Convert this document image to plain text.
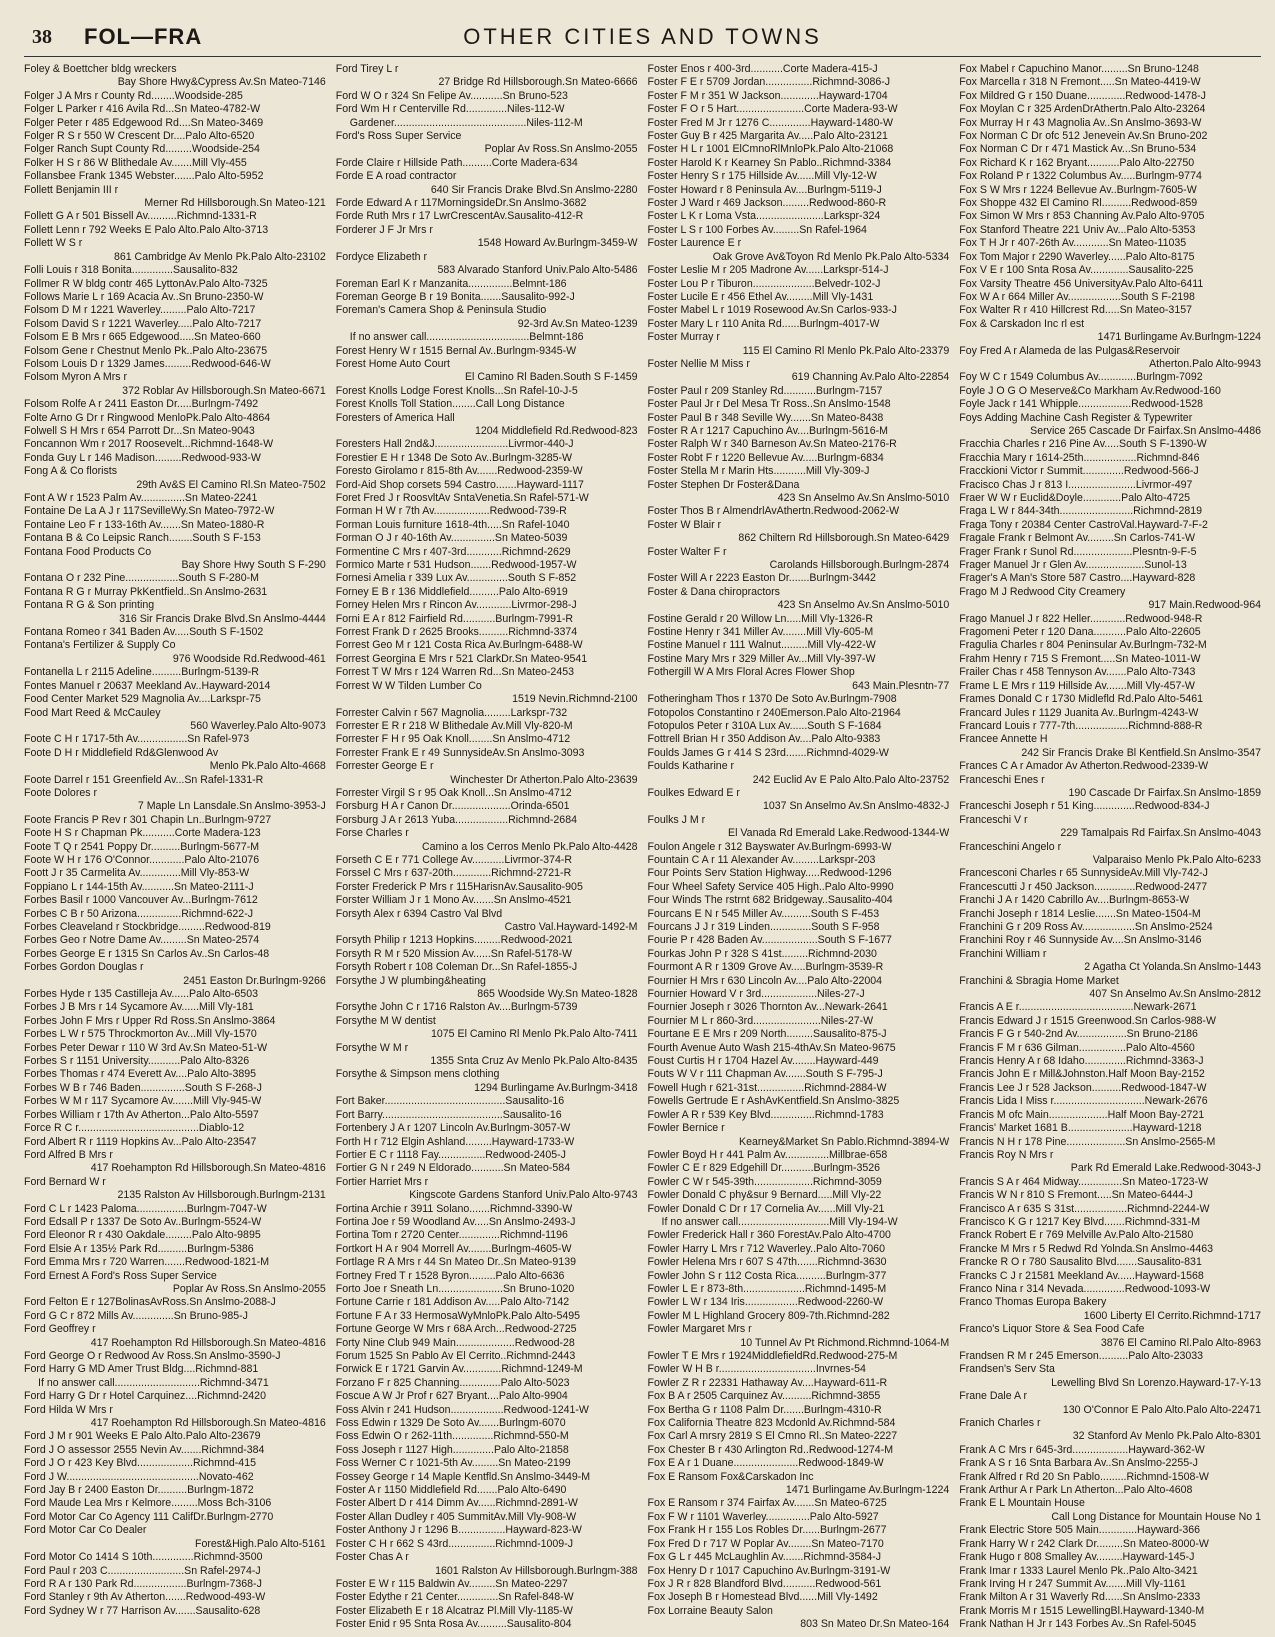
38 FOL—FRA	OTHER CITIES AND TOWNS
Foley & Boettcher bldg wreckers
Bay Shore Hwy&Cypress Av.Sn Mateo-7146
Folger J A Mrs r County Rd........Woodside-285
Folger L Parker r 416 Avila Rd...Sn Mateo-4782-W
Folger Peter r 485 Edgewood Rd....Sn Mateo-3469
Folger R S r 550 W Crescent Dr....Palo Alto-6520
Folger Ranch Supt County Rd.........Woodside-254
Folker H S r 86 W Blithedale Av.......Mill Vly-455
Follansbee Frank 1345 Webster.......Palo Alto-5952
Follett Benjamin III r
Merner Rd Hillsborough.Sn Mateo-121
Follett G A r 501 Bissell Av..........Richmnd-1331-R
Follett Lenn r 792 Weeks E Palo Alto.Palo Alto-3713
Follett W S r
861 Cambridge Av Menlo Pk.Palo Alto-23102
Folli Louis r 318 Bonita..............Sausalito-832
Follmer R W bldg contr 465 LyttonAv.Palo Alto-7325
Follows Marie L r 169 Acacia Av..Sn Bruno-2350-W
Folsom D M r 1221 Waverley.........Palo Alto-7217
Folsom David S r 1221 Waverley.....Palo Alto-7217
Folsom E B Mrs r 665 Edgewood.....Sn Mateo-660
Folsom Gene r Chestnut Menlo Pk..Palo Alto-23675
Folsom Louis D r 1329 James.........Redwood-646-W
Folsom Myron A Mrs r
372 Roblar Av Hillsborough.Sn Mateo-6671
Folsom Rolfe A r 2411 Easton Dr.....Burlngm-7492
Folte Arno G Dr r Ringwood MenloPk.Palo Alto-4864
Folwell S H Mrs r 654 Parrott Dr...Sn Mateo-9043
Foncannon Wm r 2017 Roosevelt...Richmnd-1648-W
Fonda Guy L r 146 Madison.........Redwood-933-W
Fong A & Co florists
29th Av&S El Camino Rl.Sn Mateo-7502
Font A W r 1523 Palm Av...............Sn Mateo-2241
Fontaine De La A J r 117SevilleWy.Sn Mateo-7972-W
Fontaine Leo F r 133-16th Av.......Sn Mateo-1880-R
Fontana B & Co Leipsic Ranch........South S F-153
Fontana Food Products Co
Bay Shore Hwy South S F-290
Fontana O r 232 Pine..................South S F-280-M
Fontana R G r Murray PkKentfield..Sn Anslmo-2631
Fontana R G & Son printing
316 Sir Francis Drake Blvd.Sn Anslmo-4444
Fontana Romeo r 341 Baden Av.....South S F-1502
Fontana's Fertilizer & Supply Co
976 Woodside Rd.Redwood-461
Fontanella L r 2115 Adeline..........Burlngm-5139-R
Fontes Manuel r 20637 Meekland Av..Hayward-2014
Food Center Market 529 Magnolia Av....Larkspr-75
Food Mart Reed & McCauley
560 Waverley.Palo Alto-9073
Foote C H r 1717-5th Av.................Sn Rafel-973
Foote D H r Middlefield Rd&Glenwood Av
Menlo Pk.Palo Alto-4668
Foote Darrel r 151 Greenfield Av...Sn Rafel-1331-R
Foote Dolores r
7 Maple Ln Lansdale.Sn Anslmo-3953-J
Foote Francis P Rev r 301 Chapin Ln..Burlngm-9727
Foote H S r Chapman Pk...........Corte Madera-123
Foote T Q r 2541 Poppy Dr..........Burlngm-5677-M
Foote W H r 176 O'Connor............Palo Alto-21076
Foott J r 35 Carmelita Av..............Mill Vly-853-W
Foppiano L r 144-15th Av...........Sn Mateo-2111-J
Forbes Basil r 1000 Vancouver Av...Burlngm-7612
Forbes C B r 50 Arizona...............Richmnd-622-J
Forbes Cleaveland r Stockbridge.........Redwood-819
Forbes Geo r Notre Dame Av.........Sn Mateo-2574
Forbes George E r 1315 Sn Carlos Av..Sn Carlos-48
Forbes Gordon Douglas r
2451 Easton Dr.Burlngm-9266
Forbes Hyde r 135 Castilleja Av......Palo Alto-6503
Forbes J B Mrs r 14 Sycamore Av......Mill Vly-181
Forbes John F Mrs r Upper Rd Ross.Sn Anslmo-3864
Forbes L W r 575 Throckmorton Av...Mill Vly-1570
Forbes Peter Dewar r 110 W 3rd Av.Sn Mateo-51-W
Forbes S r 1151 University...........Palo Alto-8326
Forbes Thomas r 474 Everett Av....Palo Alto-3895
Forbes W B r 746 Baden...............South S F-268-J
Forbes W M r 117 Sycamore Av.......Mill Vly-945-W
Forbes William r 17th Av Atherton...Palo Alto-5597
Force R C r.........................................Diablo-12
Ford Albert R r 1119 Hopkins Av...Palo Alto-23547
Ford Alfred B Mrs r
417 Roehampton Rd Hillsborough.Sn Mateo-4816
Ford Bernard W r
2135 Ralston Av Hillsborough.Burlngm-2131
Ford C L r 1423 Paloma.................Burlngm-7047-W
Ford Edsall P r 1337 De Soto Av..Burlngm-5524-W
Ford Eleonor R r 430 Oakdale.........Palo Alto-9895
Ford Elsie A r 135½ Park Rd..........Burlngm-5386
Ford Emma Mrs r 720 Warren.......Redwood-1821-M
Ford Ernest A Ford's Ross Super Service
Poplar Av Ross.Sn Anslmo-2055
Ford Felton E r 127BolinasAvRoss.Sn Anslmo-2088-J
Ford G C r 872 Mills Av..............Sn Bruno-985-J
Ford Geoffrey r
417 Roehampton Rd Hillsborough.Sn Mateo-4816
Ford George O r Redwood Av Ross.Sn Anslmo-3590-J
Ford Harry G MD Amer Trust Bldg....Richmnd-881
If no answer call.............................Richmnd-3471
Ford Harry G Dr r Hotel Carquinez....Richmnd-2420
Ford Hilda W Mrs r
417 Roehampton Rd Hillsborough.Sn Mateo-4816
Ford J M r 901 Weeks E Palo Alto.Palo Alto-23679
Ford J O assessor 2555 Nevin Av.......Richmnd-384
Ford J O r 423 Key Blvd...................Richmnd-415
Ford J W.............................................Novato-462
Ford Jay B r 2400 Easton Dr..........Burlngm-1872
Ford Maude Lea Mrs r Kelmore.........Moss Bch-3106
Ford Motor Car Co Agency 111 CalifDr.Burlngm-2770
Ford Motor Car Co Dealer
Forest&High.Palo Alto-5161
Ford Motor Co 1414 S 10th..............Richmnd-3500
Ford Paul r 203 C..........................Sn Rafel-2974-J
Ford R A r 130 Park Rd..................Burlngm-7368-J
Ford Stanley r 9th Av Atherton.......Redwood-493-W
Ford Sydney W r 77 Harrison Av.......Sausalito-628
Ford Tirey L r
27 Bridge Rd Hillsborough.Sn Mateo-6666
Ford W O r 324 Sn Felipe Av...........Sn Bruno-523
Ford Wm H r Centerville Rd..............Niles-112-W
Gardener.............................................Niles-112-M
Ford's Ross Super Service
Poplar Av Ross.Sn Anslmo-2055
Forde Claire r Hillside Path..........Corte Madera-634
Forde E A road contractor
640 Sir Francis Drake Blvd.Sn Anslmo-2280
Forde Edward A r 117MorningsideDr.Sn Anslmo-3682
Forde Ruth Mrs r 17 LwrCrescentAv.Sausalito-412-R
Forderer J F Jr Mrs r
1548 Howard Av.Burlngm-3459-W
Fordyce Elizabeth r
583 Alvarado Stanford Univ.Palo Alto-5486
Foreman Earl K r Manzanita...............Belmnt-186
Foreman George B r 19 Bonita.......Sausalito-992-J
Foreman's Camera Shop & Peninsula Studio
92-3rd Av.Sn Mateo-1239
If no answer call...................................Belmnt-186
Forest Henry W r 1515 Bernal Av..Burlngm-9345-W
Forest Home Auto Court
El Camino Rl Baden.South S F-1459
Forest Knolls Lodge Forest Knolls...Sn Rafel-10-J-5
Forest Knolls Toll Station........Call Long Distance
Foresters of America Hall
1204 Middlefield Rd.Redwood-823
Foresters Hall 2nd&J.........................Livrmor-440-J
Forestier E H r 1348 De Soto Av..Burlngm-3285-W
Foresto Girolamo r 815-8th Av.......Redwood-2359-W
Ford-Aid Shop corsets 594 Castro.......Hayward-1117
Foret Fred J r RoosvltAv SntaVenetia.Sn Rafel-571-W
Forman H W r 7th Av...................Redwood-739-R
Forman Louis furniture 1618-4th.....Sn Rafel-1040
Forman O J r 40-16th Av...............Sn Mateo-5039
Formentine C Mrs r 407-3rd............Richmnd-2629
Formico Marte r 531 Hudson.......Redwood-1957-W
Fornesi Amelia r 339 Lux Av..............South S F-852
Forney E B r 136 Middlefield..........Palo Alto-6919
Forney Helen Mrs r Rincon Av............Livrmor-298-J
Forni E A r 812 Fairfield Rd...........Burlngm-7991-R
Forrest Frank D r 2625 Brooks..........Richmnd-3374
Forrest Geo M r 121 Costa Rica Av.Burlngm-6488-W
Forrest Georgina E Mrs r 521 ClarkDr.Sn Mateo-9541
Forrest T W Mrs r 124 Warren Rd...Sn Mateo-2453
Forrest W W Tilden Lumber Co
1519 Nevin.Richmnd-2100
Forrester Calvin r 567 Magnolia.........Larkspr-732
Forrester E R r 218 W Blithedale Av.Mill Vly-820-M
Forrester F H r 95 Oak Knoll........Sn Anslmo-4712
Forrester Frank E r 49 SunnysideAv.Sn Anslmo-3093
Forrester George E r
Winchester Dr Atherton.Palo Alto-23639
Forrester Virgil S r 95 Oak Knoll...Sn Anslmo-4712
Forsburg H A r Canon Dr....................Orinda-6501
Forsburg J A r 2613 Yuba..................Richmnd-2684
Forse Charles r
Camino a los Cerros Menlo Pk.Palo Alto-4428
Forseth C E r 771 College Av...........Livrmor-374-R
Forssel C Mrs r 637-20th.............Richmnd-2721-R
Forster Frederick P Mrs r 115HarisnAv.Sausalito-905
Forster William J r 1 Mono Av.......Sn Anslmo-4521
Forsyth Alex r 6394 Castro Val Blvd
Castro Val.Hayward-1492-M
Forsyth Philip r 1213 Hopkins.........Redwood-2021
Forsyth R M r 520 Mission Av......Sn Rafel-5178-W
Forsyth Robert r 108 Coleman Dr...Sn Rafel-1855-J
Forsythe J W plumbing&heating
865 Woodside Wy.Sn Mateo-1828
Forsythe John C r 1716 Ralston Av....Burlngm-5739
Forsythe M W dentist
1075 El Camino Rl Menlo Pk.Palo Alto-7411
Forsythe W M r
1355 Snta Cruz Av Menlo Pk.Palo Alto-8435
Forsythe & Simpson mens clothing
1294 Burlingame Av.Burlngm-3418
Fort Baker.........................................Sausalito-16
Fort Barry.........................................Sausalito-16
Fortenbery J A r 1207 Lincoln Av.Burlngm-3057-W
Forth H r 712 Elgin Ashland.........Hayward-1733-W
Fortier E C r 1118 Fay................Redwood-2405-J
Fortier G N r 249 N Eldorado...........Sn Mateo-584
Fortier Harriet Mrs r
Kingscote Gardens Stanford Univ.Palo Alto-9743
Fortina Archie r 3911 Solano.......Richmnd-3390-W
Fortina Joe r 59 Woodland Av.....Sn Anslmo-2493-J
Fortina Tom r 2720 Center..............Richmnd-1196
Fortkort H A r 904 Morrell Av........Burlngm-4605-W
Fortlage R A Mrs r 44 Sn Mateo Dr..Sn Mateo-9139
Fortney Fred T r 1528 Byron.........Palo Alto-6636
Forto Joe r Sneath Ln......................Sn Bruno-1020
Fortune Carrie r 181 Addison Av.....Palo Alto-7142
Fortune F A r 33 HermosaWyMnloPk.Palo Alto-5495
Fortune George W Mrs r 68A Arch...Redwood-2725
Forty Nine Club 949 Main....................Redwood-28
Forum 1525 Sn Pablo Av El Cerrito..Richmnd-2443
Forwick E r 1721 Garvin Av.............Richmnd-1249-M
Forzano F r 825 Channing..............Palo Alto-5023
Foscue A W Jr Prof r 627 Bryant....Palo Alto-9904
Foss Alvin r 241 Hudson..................Redwood-1241-W
Foss Edwin r 1329 De Soto Av.......Burlngm-6070
Foss Edwin O r 262-11th..............Richmnd-550-M
Foss Joseph r 1127 High..............Palo Alto-21858
Foss Werner C r 1021-5th Av.........Sn Mateo-2199
Fossey George r 14 Maple Kentfld.Sn Anslmo-3449-M
Foster A r 1150 Middlefield Rd.......Palo Alto-6490
Foster Albert D r 414 Dimm Av......Richmnd-2891-W
Foster Allan Dudley r 405 SummitAv.Mill Vly-908-W
Foster Anthony J r 1296 B................Hayward-823-W
Foster C H r 662 S 43rd................Richmnd-1009-J
Foster Chas A r
1601 Ralston Av Hillsborough.Burlngm-388
Foster E W r 115 Baldwin Av.........Sn Mateo-2297
Foster Edythe r 21 Center..............Sn Rafel-848-W
Foster Elizabeth E r 18 Alcatraz Pl.Mill Vly-1185-W
Foster Enid r 95 Snta Rosa Av..........Sausalito-804
Foster Enos r 400-3rd...........Corte Madera-415-J
Foster F E r 5709 Jordan................Richmnd-3086-J
Foster F M r 351 W Jackson.............Hayward-1704
Foster F O r 5 Hart.......................Corte Madera-93-W
Foster Fred M Jr r 1276 C..............Hayward-1480-W
Foster Guy B r 425 Margarita Av.....Palo Alto-23121
Foster H L r 1001 ElCmnoRlMnloPk.Palo Alto-21068
Foster Harold K r Kearney Sn Pablo..Richmnd-3384
Foster Henry S r 175 Hillside Av......Mill Vly-12-W
Foster Howard r 8 Peninsula Av....Burlngm-5119-J
Foster J Ward r 469 Jackson.........Redwood-860-R
Foster L K r Loma Vsta.......................Larkspr-324
Foster L S r 100 Forbes Av.........Sn Rafel-1964
Foster Laurence E r
Oak Grove Av&Toyon Rd Menlo Pk.Palo Alto-5334
Foster Leslie M r 205 Madrone Av......Larkspr-514-J
Foster Lou P r Tiburon.....................Belvedr-102-J
Foster Lucile E r 456 Ethel Av.........Mill Vly-1431
Foster Mabel L r 1019 Rosewood Av.Sn Carlos-933-J
Foster Mary L r 110 Anita Rd......Burlngm-4017-W
Foster Murray r
115 El Camino Rl Menlo Pk.Palo Alto-23379
Foster Nellie M Miss r
619 Channing Av.Palo Alto-22854
Foster Paul r 209 Stanley Rd...........Burlngm-7157
Foster Paul Jr r Del Mesa Tr Ross..Sn Anslmo-1548
Foster Paul B r 348 Seville Wy.......Sn Mateo-8438
Foster R A r 1217 Capuchino Av....Burlngm-5616-M
Foster Ralph W r 340 Barneson Av.Sn Mateo-2176-R
Foster Robt F r 1220 Bellevue Av.....Burlngm-6834
Foster Stella M r Marin Hts...........Mill Vly-309-J
Foster Stephen Dr Foster&Dana
423 Sn Anselmo Av.Sn Anslmo-5010
Foster Thos B r AlmendrlAvAthertn.Redwood-2062-W
Foster W Blair r
862 Chiltern Rd Hillsborough.Sn Mateo-6429
Foster Walter F r
Carolands Hillsborough.Burlngm-2874
Foster Will A r 2223 Easton Dr.......Burlngm-3442
Foster & Dana chiropractors
423 Sn Anselmo Av.Sn Anslmo-5010
Fostine Gerald r 20 Willow Ln.....Mill Vly-1326-R
Fostine Henry r 341 Miller Av........Mill Vly-605-M
Fostine Manuel r 111 Walnut.........Mill Vly-422-W
Fostine Mary Mrs r 329 Miller Av...Mill Vly-397-W
Fothergill W A Mrs Floral Acres Flower Shop
643 Main.Plesntn-77
Fotheringham Thos r 1370 De Soto Av.Burlngm-7908
Fotopolos Constantino r 240Emerson.Palo Alto-21964
Fotopulos Peter r 310A Lux Av......South S F-1684
Fottrell Brian H r 350 Addison Av....Palo Alto-9383
Foulds James G r 414 S 23rd.......Richmnd-4029-W
Foulds Katharine r
242 Euclid Av E Palo Alto.Palo Alto-23752
Foulkes Edward E r
1037 Sn Anselmo Av.Sn Anslmo-4832-J
Foulks J M r
El Vanada Rd Emerald Lake.Redwood-1344-W
Foulon Angele r 312 Bayswater Av.Burlngm-6993-W
Fountain C A r 11 Alexander Av.........Larkspr-203
Four Points Serv Station Highway.....Redwood-1296
Four Wheel Safety Service 405 High..Palo Alto-9990
Four Winds The rstrnt 682 Bridgeway..Sausalito-404
Fourcans E N r 545 Miller Av..........South S F-453
Fourcans J J r 319 Linden..............South S F-958
Fourie P r 428 Baden Av...................South S F-1677
Fourkas John P r 328 S 41st.........Richmnd-2030
Fourmont A R r 1309 Grove Av.....Burlngm-3539-R
Fournier H Mrs r 630 Lincoln Av....Palo Alto-22004
Fournier Howard V r 3rd...................Niles-27-J
Fournier Joseph r 3026 Thornton Av...Newark-2641
Fournier M L r 860-3rd.......................Niles-27-W
Fourtane E E Mrs r 209 North.........Sausalito-875-J
Fourth Avenue Auto Wash 215-4thAv.Sn Mateo-9675
Foust Curtis H r 1704 Hazel Av........Hayward-449
Fouts W V r 111 Chapman Av.......South S F-795-J
Fowell Hugh r 621-31st................Richmnd-2884-W
Fowells Gertrude E r AshAvKentfield.Sn Anslmo-3825
Fowler A R r 539 Key Blvd...............Richmnd-1783
Fowler Bernice r
Kearney&Market Sn Pablo.Richmnd-3894-W
Fowler Boyd H r 441 Palm Av...............Millbrae-658
Fowler C E r 829 Edgehill Dr...........Burlngm-3526
Fowler C W r 545-39th....................Richmnd-3059
Fowler Donald C phy&sur 9 Bernard.....Mill Vly-22
Fowler Donald C Dr r 17 Cornelia Av......Mill Vly-21
If no answer call...............................Mill Vly-194-W
Fowler Frederick Hall r 360 ForestAv.Palo Alto-4700
Fowler Harry L Mrs r 712 Waverley..Palo Alto-7060
Fowler Helena Mrs r 607 S 47th.......Richmnd-3630
Fowler John S r 112 Costa Rica..........Burlngm-377
Fowler L E r 873-8th.....................Richmnd-1495-M
Fowler L W r 134 Iris..................Redwood-2260-W
Fowler M L Highland Grocery 809-7th.Richmnd-282
Fowler Margaret Mrs r
10 Tunnel Av Pt Richmond.Richmnd-1064-M
Fowler T E Mrs r 1924MiddlefieldRd.Redwood-275-M
Fowler W H B r.................................Invrnes-54
Fowler Z R r 22331 Hathaway Av....Hayward-611-R
Fox B A r 2505 Carquinez Av..........Richmnd-3855
Fox Bertha G r 1108 Palm Dr.......Burlngm-4310-R
Fox California Theatre 823 Mcdonld Av.Richmnd-584
Fox Carl A mrsry 2819 S El Cmno Rl..Sn Mateo-2227
Fox Chester B r 430 Arlington Rd..Redwood-1274-M
Fox E A r 1 Duane......................Redwood-1849-W
Fox E Ransom Fox&Carskadon Inc
1471 Burlingame Av.Burlngm-1224
Fox E Ransom r 374 Fairfax Av.......Sn Mateo-6725
Fox F W r 1101 Waverley...............Palo Alto-5927
Fox Frank H r 155 Los Robles Dr......Burlngm-2677
Fox Fred D r 717 W Poplar Av........Sn Mateo-7170
Fox G L r 445 McLaughlin Av.......Richmnd-3584-J
Fox Henry D r 1017 Capuchino Av.Burlngm-3191-W
Fox J R r 828 Blandford Blvd...........Redwood-561
Fox Joseph B r Homestead Blvd......Mill Vly-1492
Fox Lorraine Beauty Salon
803 Sn Mateo Dr.Sn Mateo-164
Fox Mabel r Capuchino Manor.........Sn Bruno-1248
Fox Marcella r 318 N Fremont.....Sn Mateo-4419-W
Fox Mildred G r 150 Duane.............Redwood-1478-J
Fox Moylan C r 325 ArdenDrAthertn.Palo Alto-23264
Fox Murray H r 43 Magnolia Av..Sn Anslmo-3693-W
Fox Norman C Dr ofc 512 Jenevein Av.Sn Bruno-202
Fox Norman C Dr r 471 Mastick Av...Sn Bruno-534
Fox Richard K r 162 Bryant...........Palo Alto-22750
Fox Roland P r 1322 Columbus Av.....Burlngm-9774
Fox S W Mrs r 1224 Bellevue Av..Burlngm-7605-W
Fox Shoppe 432 El Camino Rl..........Redwood-859
Fox Simon W Mrs r 853 Channing Av.Palo Alto-9705
Fox Stanford Theatre 221 Univ Av...Palo Alto-5353
Fox T H Jr r 407-26th Av............Sn Mateo-11035
Fox Tom Major r 2290 Waverley......Palo Alto-8175
Fox V E r 100 Snta Rosa Av.............Sausalito-225
Fox Varsity Theatre 456 UniversityAv.Palo Alto-6411
Fox W A r 664 Miller Av..................South S F-2198
Fox Walter R r 410 Hillcrest Rd.....Sn Mateo-3157
Fox & Carskadon Inc rl est
1471 Burlingame Av.Burlngm-1224
Foy Fred A r Alameda de las Pulgas&Reservoir
Atherton.Palo Alto-9943
Foy W C r 1549 Columbus Av.............Burlngm-7092
Foyle J O G O Meserve&Co Markham Av.Redwood-160
Foyle Jack r 141 Whipple..................Redwood-1528
Foys Adding Machine Cash Register & Typewriter
Service 265 Cascade Dr Fairfax.Sn Anslmo-4486
Fracchia Charles r 216 Pine Av.....South S F-1390-W
Fracchia Mary r 1614-25th..................Richmnd-846
Fracckioni Victor r Summit..............Redwood-566-J
Fracisco Chas J r 813 I.......................Livrmor-497
Fraer W W r Euclid&Doyle.............Palo Alto-4725
Fraga L W r 844-34th.........................Richmnd-2819
Fraga Tony r 20384 Center CastroVal.Hayward-7-F-2
Fragale Frank r Belmont Av.........Sn Carlos-741-W
Frager Frank r Sunol Rd....................Plesntn-9-F-5
Frager Manuel Jr r Glen Av....................Sunol-13
Frager's A Man's Store 587 Castro....Hayward-828
Frago M J Redwood City Creamery
917 Main.Redwood-964
Frago Manuel J r 822 Heller............Redwood-948-R
Fragomeni Peter r 120 Dana...........Palo Alto-22605
Fragulia Charles r 804 Peninsular Av.Burlngm-732-M
Frahm Henry r 715 S Fremont.....Sn Mateo-1011-W
Frailer Chas r 458 Tennyson Av.......Palo Alto-7343
Frame L E Mrs r 119 Hillside Av.......Mill Vly-457-W
Frames Donald C r 1730 Midlefld Rd.Palo Alto-5461
Francard Jules r 1129 Juanita Av..Burlngm-4243-W
Francard Louis r 777-7th..................Richmnd-888-R
Francee Annette H
242 Sir Francis Drake Bl Kentfield.Sn Anslmo-3547
Frances C A r Amador Av Atherton.Redwood-2339-W
Franceschi Enes r
190 Cascade Dr Fairfax.Sn Anslmo-1859
Franceschi Joseph r 51 King..............Redwood-834-J
Franceschi V r
229 Tamalpais Rd Fairfax.Sn Anslmo-4043
Franceschini Angelo r
Valparaiso Menlo Pk.Palo Alto-6233
Francesconi Charles r 65 SunnysideAv.Mill Vly-742-J
Francescutti J r 450 Jackson..............Redwood-2477
Franchi J A r 1420 Cabrillo Av....Burlngm-8653-W
Franchi Joseph r 1814 Leslie.......Sn Mateo-1504-M
Franchini G r 209 Ross Av..................Sn Anslmo-2524
Franchini Roy r 46 Sunnyside Av....Sn Anslmo-3146
Franchini William r
2 Agatha Ct Yolanda.Sn Anslmo-1443
Franchini & Sbragia Home Market
407 Sn Anselmo Av.Sn Anslmo-2812
Francis A E r.......................................Newark-2671
Francis Edward J r 1515 Greenwood.Sn Carlos-988-W
Francis F G r 540-2nd Av.................Sn Bruno-2186
Francis F M r 636 Gilman................Palo Alto-4560
Francis Henry A r 68 Idaho..............Richmnd-3363-J
Francis John E r Mill&Johnston.Half Moon Bay-2152
Francis Lee J r 528 Jackson..........Redwood-1847-W
Francis Lida I Miss r...............................Newark-2676
Francis M ofc Main....................Half Moon Bay-2721
Francis' Market 1681 B......................Hayward-1218
Francis N H r 178 Pine....................Sn Anslmo-2565-M
Francis Roy N Mrs r
Park Rd Emerald Lake.Redwood-3043-J
Francis S A r 464 Midway...............Sn Mateo-1723-W
Francis W N r 810 S Fremont.....Sn Mateo-6444-J
Francisco A r 635 S 31st..................Richmnd-2244-W
Francisco K G r 1217 Key Blvd.......Richmnd-331-M
Franck Robert E r 769 Melville Av.Palo Alto-21580
Francke M Mrs r 5 Redwd Rd Yolnda.Sn Anslmo-4463
Francke R O r 780 Sausalito Blvd.......Sausalito-831
Francks C J r 21581 Meekland Av......Hayward-1568
Franco Nina r 314 Nevada..............Redwood-1093-W
Franco Thomas Europa Bakery
1600 Liberty El Cerrito.Richmnd-1717
Franco's Liquor Store & Sea Food Cafe
3876 El Camino Rl.Palo Alto-8963
Frandsen R M r 245 Emerson..........Palo Alto-23033
Frandsen's Serv Sta
Lewelling Blvd Sn Lorenzo.Hayward-17-Y-13
Frane Dale A r
130 O'Connor E Palo Alto.Palo Alto-22471
Franich Charles r
32 Stanford Av Menlo Pk.Palo Alto-8301
Frank A C Mrs r 645-3rd...................Hayward-362-W
Frank A S r 16 Snta Barbara Av..Sn Anslmo-2255-J
Frank Alfred r Rd 20 Sn Pablo.........Richmnd-1508-W
Frank Arthur A r Park Ln Atherton...Palo Alto-4608
Frank E L Mountain House
Call Long Distance for Mountain House No 1
Frank Electric Store 505 Main.............Hayward-366
Frank Harry W r 242 Clark Dr.........Sn Mateo-8000-W
Frank Hugo r 808 Smalley Av.........Hayward-145-J
Frank Imar r 1333 Laurel Menlo Pk..Palo Alto-3421
Frank Irving H r 247 Summit Av.......Mill Vly-1161
Frank Milton A r 31 Waverly Rd......Sn Anslmo-2333
Frank Morris M r 1515 LewellingBl.Hayward-1340-M
Frank Nathan H Jr r 143 Forbes Av..Sn Rafel-5045
